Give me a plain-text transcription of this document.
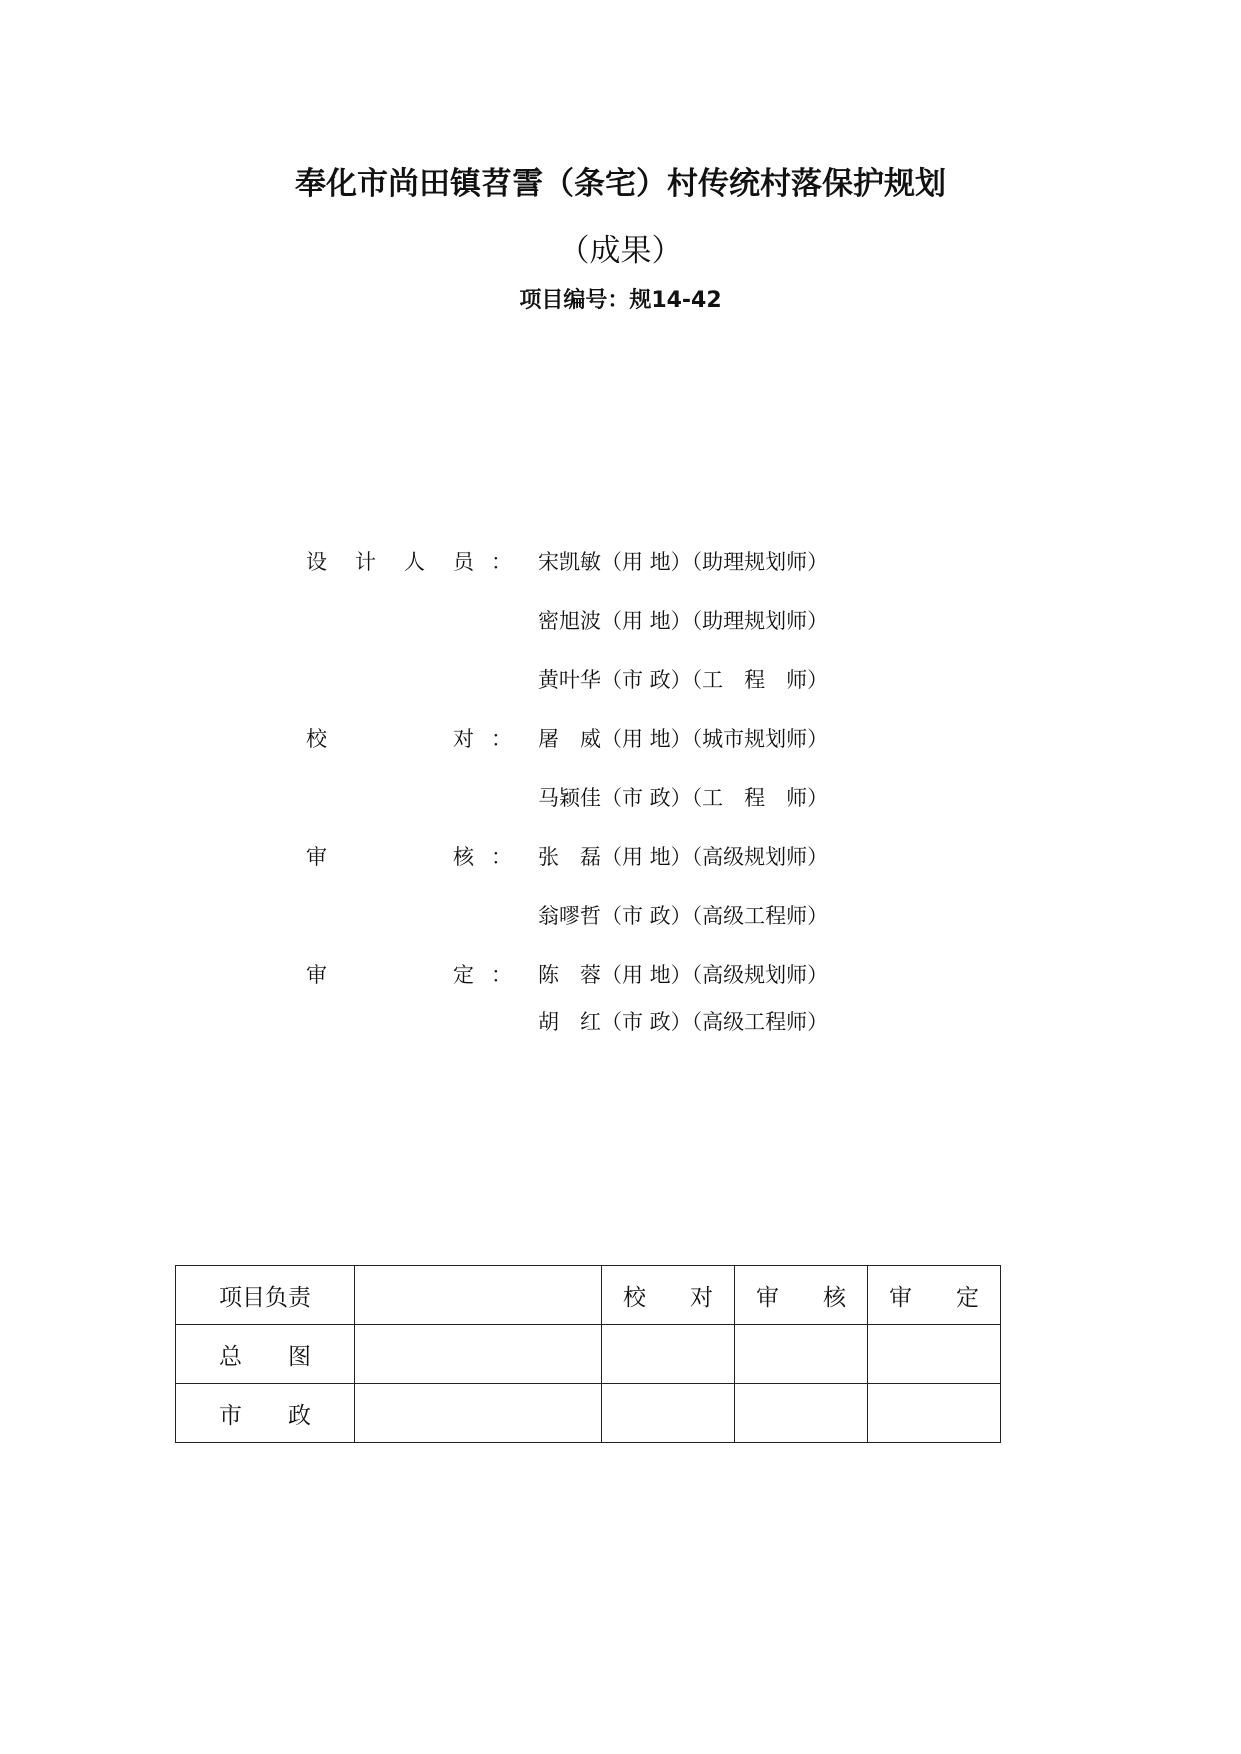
奉化市尚田镇苕霅（条宅）村传统村落保护规划
（成果）
项目编号：规14-42
设 计 人 员 ： 宋凯敏（用 地）（助理规划师）
密旭波（用 地）（助理规划师）
黄叶华（市 政）（工　程　师）
校	对 ： 屠　威（用 地）（城市规划师）
马颖佳（市 政）（工　程　师）
审	核 ： 张　磊（用 地）（高级规划师）
翁嘐哲（市 政）（高级工程师）
审	定 ： 陈　蓉（用 地）（高级规划师）
胡　红（市 政）（高级工程师）
项目负责		校 对	审 核	审 定

总 图				

市 政				
